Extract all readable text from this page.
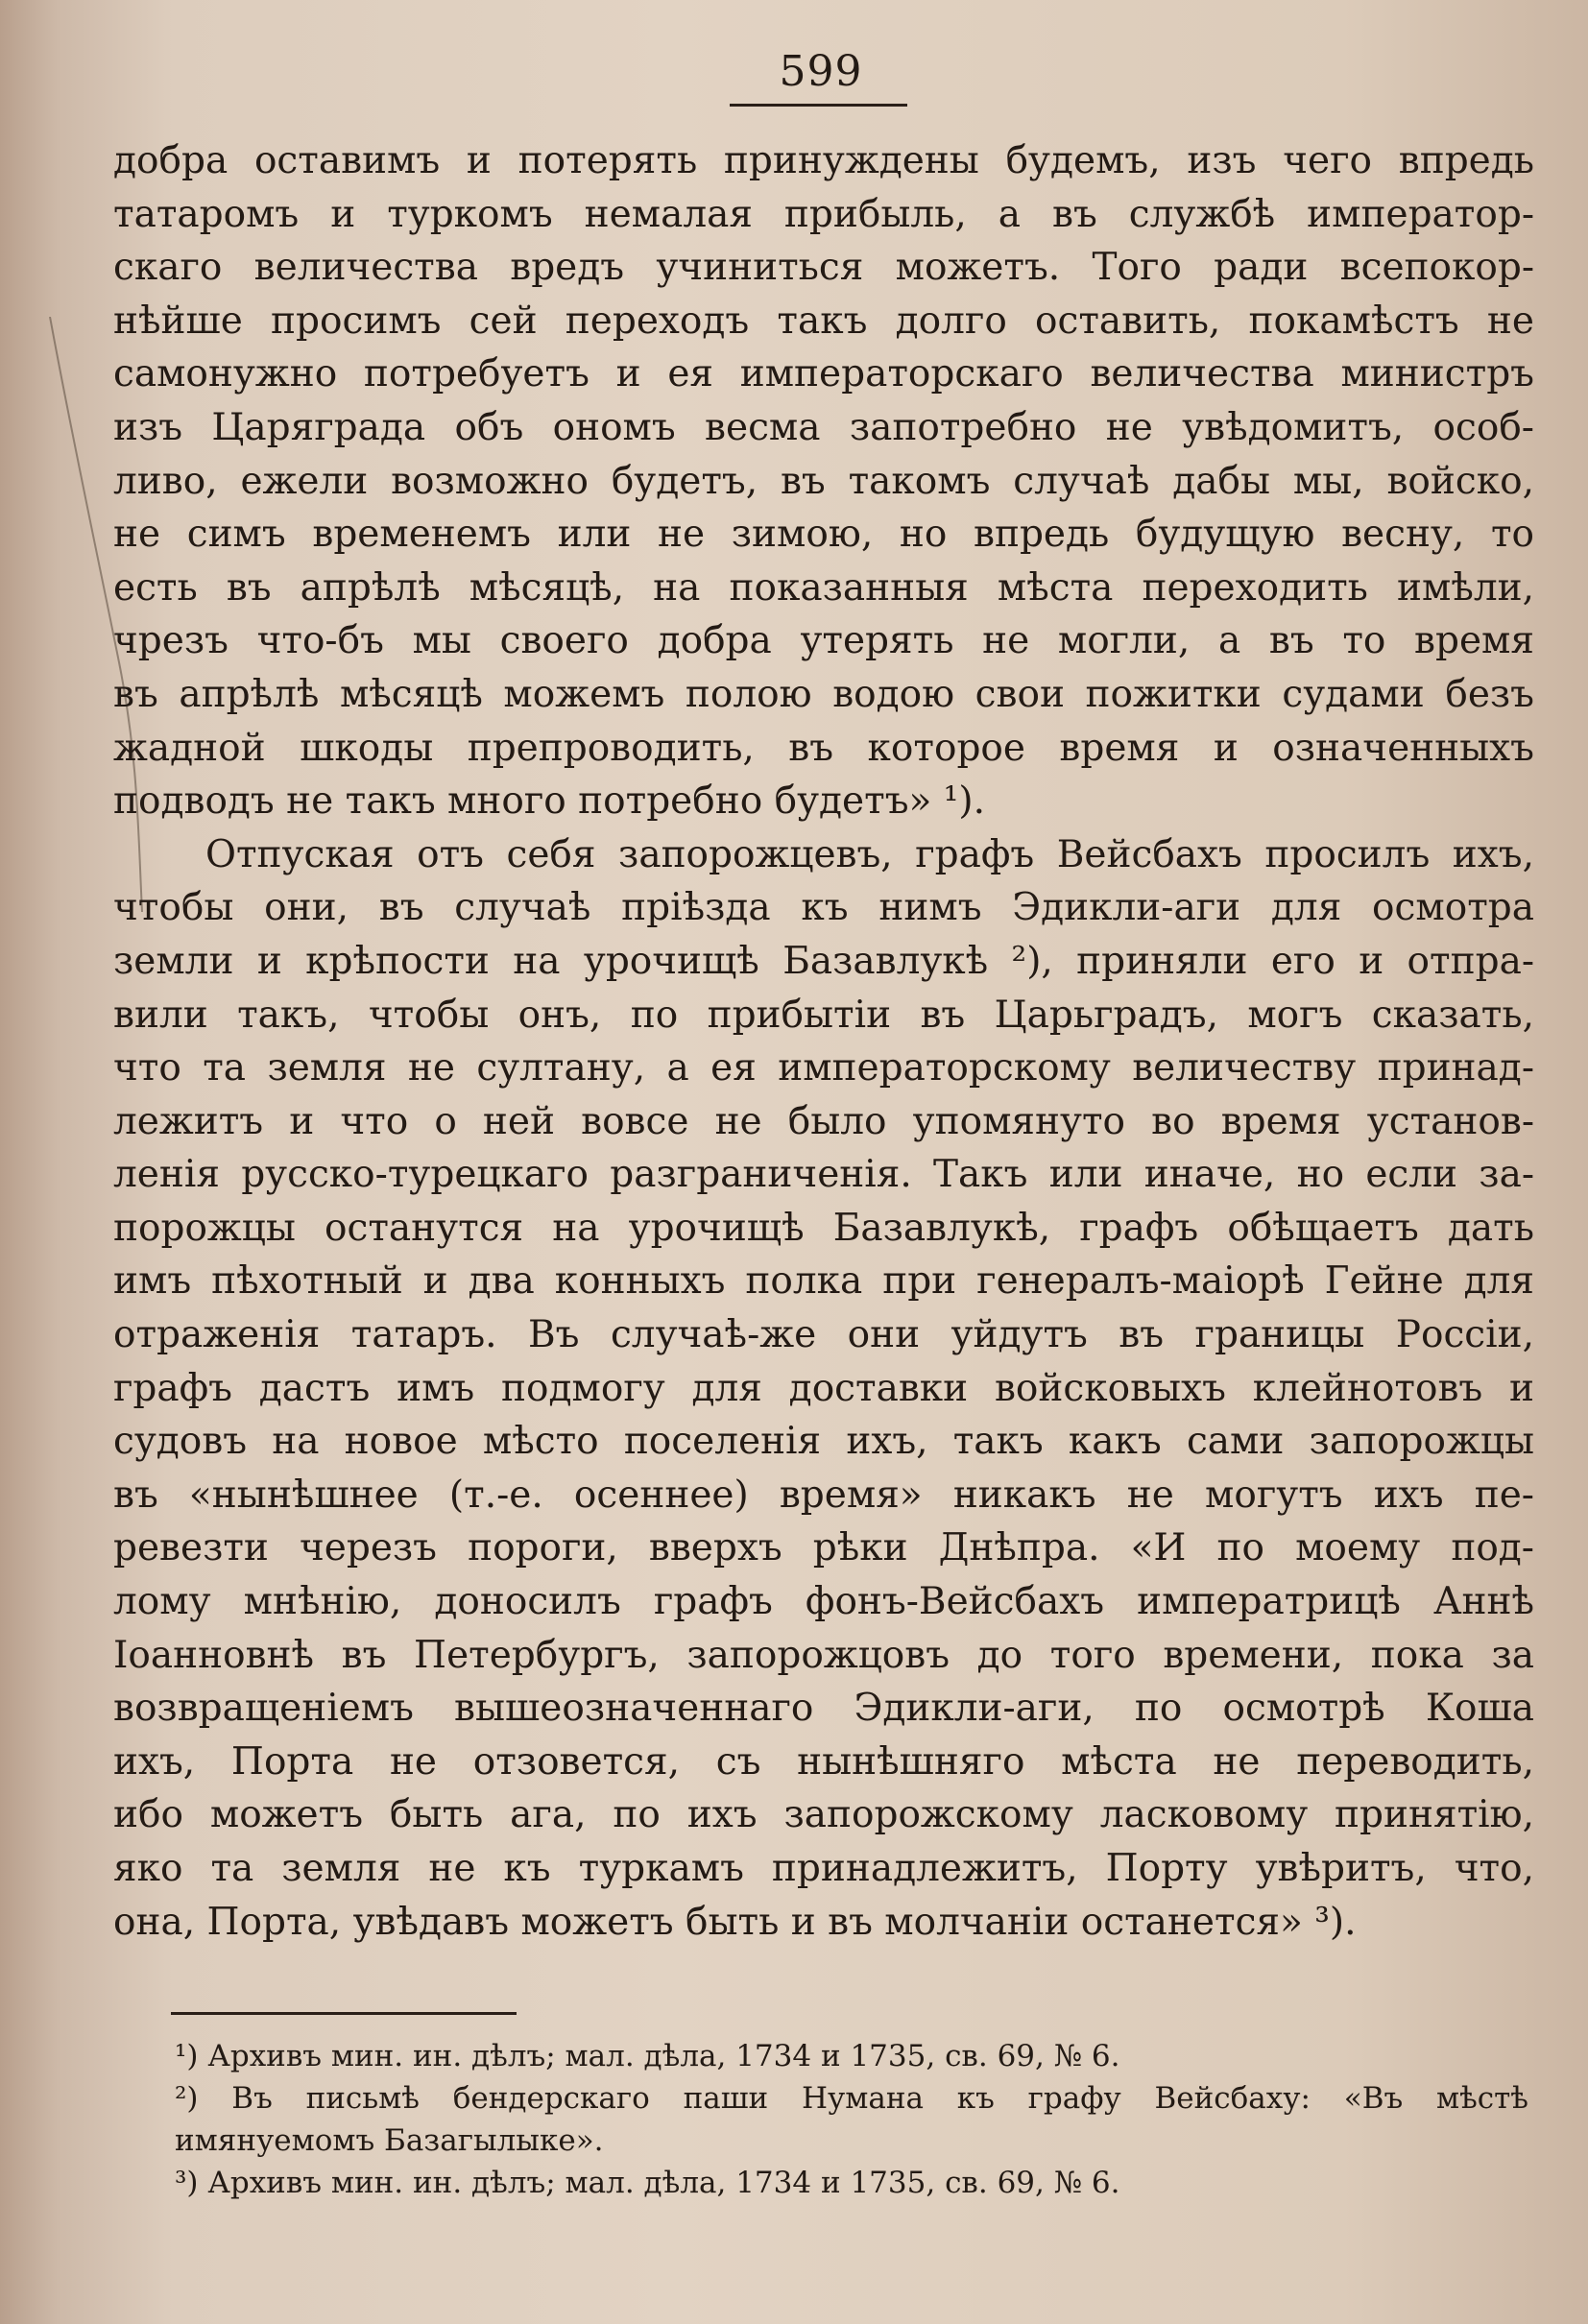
599
добра оставимъ и потерять принуждены будемъ, изъ чего впредь
татаромъ и туркомъ немалая прибыль, а въ службѣ император-
скаго величества вредъ учиниться можетъ. Того ради всепокор-
нѣйше просимъ сей переходъ такъ долго оставить, покамѣстъ не
самонужно потребуетъ и ея императорскаго величества министръ
изъ Царяграда объ ономъ весма запотребно не увѣдомитъ, особ-
ливо, ежели возможно будетъ, въ такомъ случаѣ дабы мы, войско,
не симъ временемъ или не зимою, но впредь будущую весну, то
есть въ апрѣлѣ мѣсяцѣ, на показанныя мѣста переходить имѣли,
чрезъ что-бъ мы своего добра утерять не могли, а въ то время
въ апрѣлѣ мѣсяцѣ можемъ полою водою свои пожитки судами безъ
жадной шкоды препроводить, въ которое время и означенныхъ
подводъ не такъ много потребно будетъ» ¹).
Отпуская отъ себя запорожцевъ, графъ Вейсбахъ просилъ ихъ,
чтобы они, въ случаѣ прiѣзда къ нимъ Эдикли-аги для осмотра
земли и крѣпости на урочищѣ Базавлукѣ ²), приняли его и отпра-
вили такъ, чтобы онъ, по прибытiи въ Царьградъ, могъ сказать,
что та земля не султану, а ея императорскому величеству принад-
лежитъ и что о ней вовсе не было упомянуто во время установ-
ленiя русско-турецкаго разграниченiя. Такъ или иначе, но если за-
порожцы останутся на урочищѣ Базавлукѣ, графъ обѣщаетъ дать
имъ пѣхотный и два конныхъ полка при генералъ-маiорѣ Гейне для
отраженiя татаръ. Въ случаѣ-же они уйдутъ въ границы Россiи,
графъ дастъ имъ подмогу для доставки войсковыхъ клейнотовъ и
судовъ на новое мѣсто поселенiя ихъ, такъ какъ сами запорожцы
въ «нынѣшнее (т.-е. осеннее) время» никакъ не могутъ ихъ пе-
ревезти черезъ пороги, вверхъ рѣки Днѣпра. «И по моему под-
лому мнѣнiю, доносилъ графъ фонъ-Вейсбахъ императрицѣ Аннѣ
Iоанновнѣ въ Петербургъ, запорожцовъ до того времени, пока за
возвращенiемъ вышеозначеннаго Эдикли-аги, по осмотрѣ Коша
ихъ, Порта не отзовется, съ нынѣшняго мѣста не переводить,
ибо можетъ быть ага, по ихъ запорожскому ласковому принятiю,
яко та земля не къ туркамъ принадлежитъ, Порту увѣритъ, что,
она, Порта, увѣдавъ можетъ быть и въ молчанiи останется» ³).
¹) Архивъ мин. ин. дѣлъ; мал. дѣла, 1734 и 1735, св. 69, № 6.
²) Въ письмѣ бендерскаго паши Нумана къ графу Вейсбаху: «Въ мѣстѣ
имянуемомъ Базагылыке».
³) Архивъ мин. ин. дѣлъ; мал. дѣла, 1734 и 1735, св. 69, № 6.
